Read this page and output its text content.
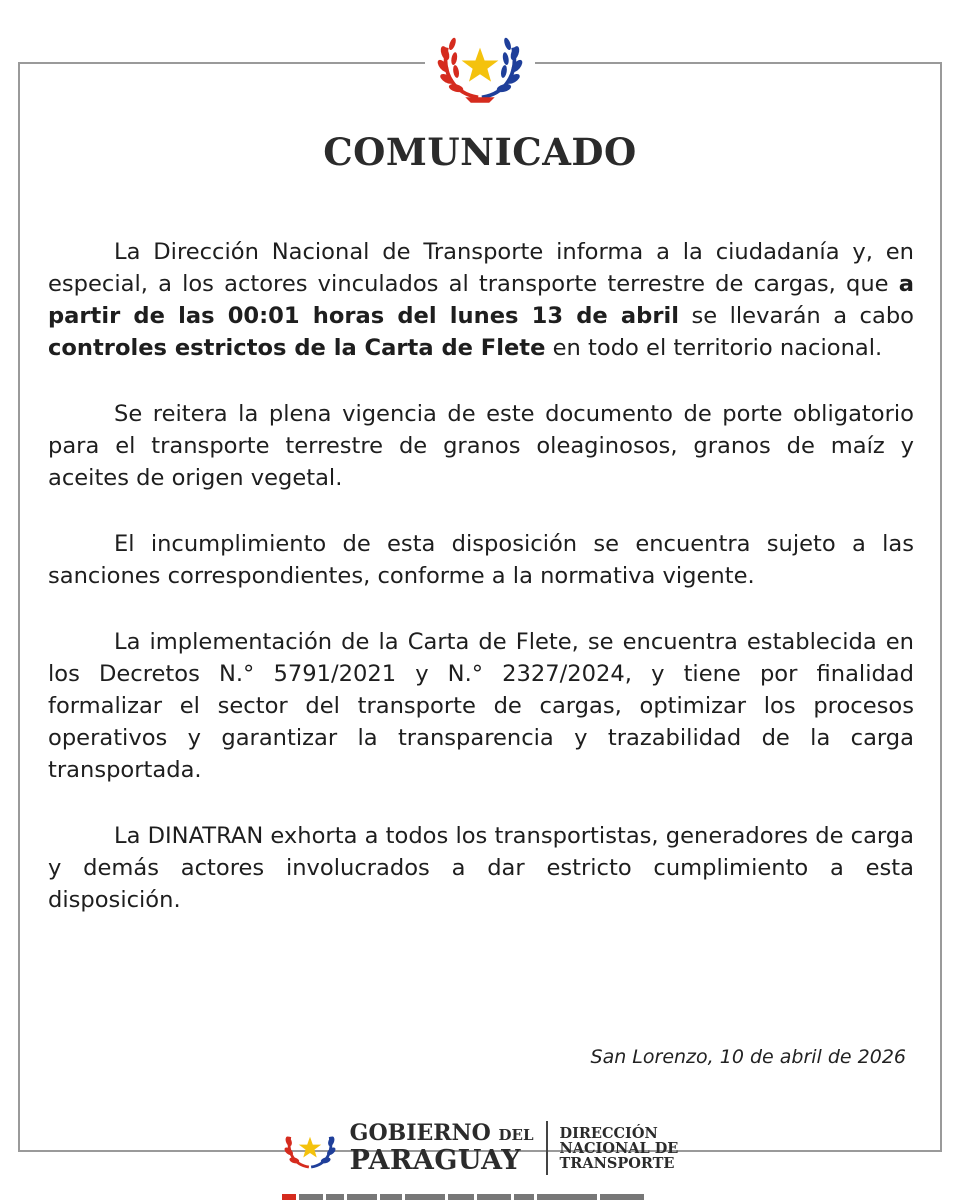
COMUNICADO

La Dirección Nacional de Transporte informa a la ciudadanía y, en especial, a los actores vinculados al transporte terrestre de cargas, que a partir de las 00:01 horas del lunes 13 de abril se llevarán a cabo controles estrictos de la Carta de Flete en todo el territorio nacional.

Se reitera la plena vigencia de este documento de porte obligatorio para el transporte terrestre de granos oleaginosos, granos de maíz y aceites de origen vegetal.

El incumplimiento de esta disposición se encuentra sujeto a las sanciones correspondientes, conforme a la normativa vigente.

La implementación de la Carta de Flete, se encuentra establecida en los Decretos N.° 5791/2021 y N.° 2327/2024, y tiene por finalidad formalizar el sector del transporte de cargas, optimizar los procesos operativos y garantizar la transparencia y trazabilidad de la carga transportada.

La DINATRAN exhorta a todos los transportistas, generadores de carga y demás actores involucrados a dar estricto cumplimiento a esta disposición.

San Lorenzo, 10 de abril de 2026
GOBIERNO DEL
PARAGUAY
DIRECCIÓN
NACIONAL DE
TRANSPORTE
